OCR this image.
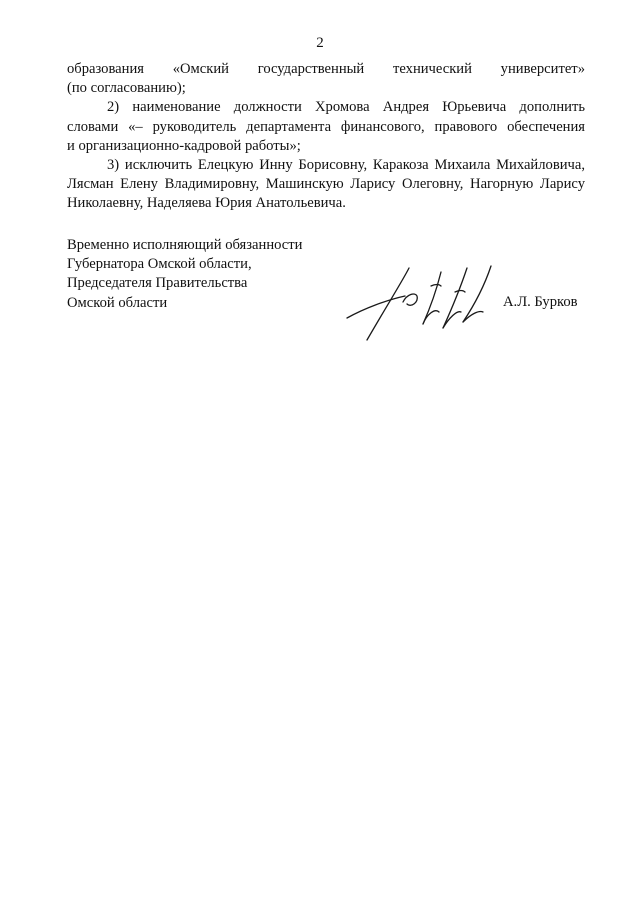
2

образования «Омский государственный технический университет»
(по согласованию);

2) наименование должности Хромова Андрея Юрьевича дополнить
словами «– руководитель департамента финансового, правового обеспечения
и организационно-кадровой работы»;

3) исключить Елецкую Инну Борисовну, Каракоза Михаила Михайловича,
Лясман Елену Владимировну, Машинскую Ларису Олеговну, Нагорную Ларису
Николаевну, Наделяева Юрия Анатольевича.

Временно исполняющий обязанности
Губернатора Омской области,
Председателя Правительства
Омской области	А.Л. Бурков
